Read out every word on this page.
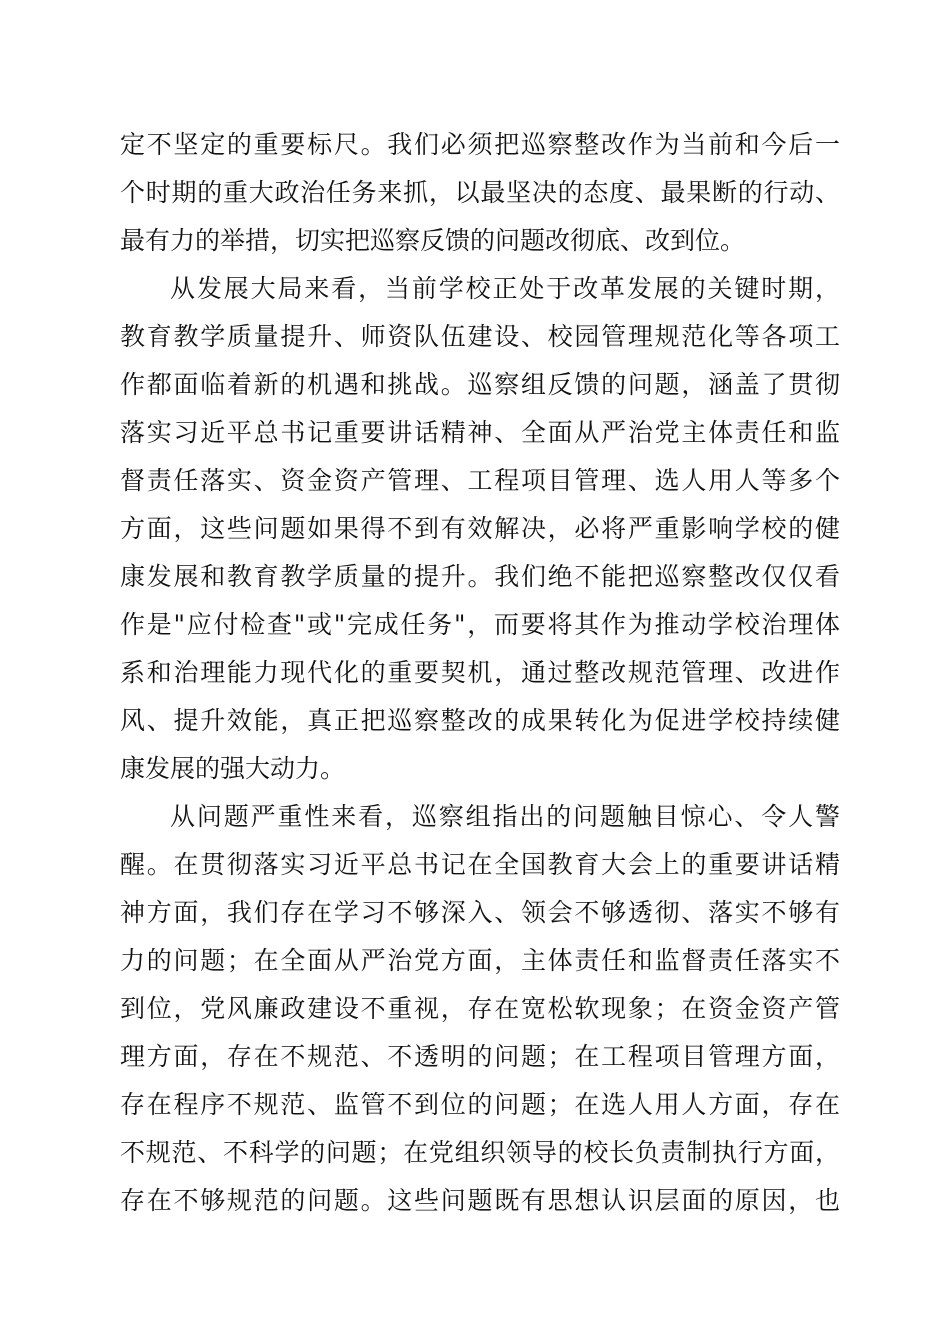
定不坚定的重要标尺。我们必须把巡察整改作为当前和今后一
个时期的重大政治任务来抓，以最坚决的态度、最果断的行动、
最有力的举措，切实把巡察反馈的问题改彻底、改到位。
从发展大局来看，当前学校正处于改革发展的关键时期，
教育教学质量提升、师资队伍建设、校园管理规范化等各项工
作都面临着新的机遇和挑战。巡察组反馈的问题，涵盖了贯彻
落实习近平总书记重要讲话精神、全面从严治党主体责任和监
督责任落实、资金资产管理、工程项目管理、选人用人等多个
方面，这些问题如果得不到有效解决，必将严重影响学校的健
康发展和教育教学质量的提升。我们绝不能把巡察整改仅仅看
作是"应付检查"或"完成任务"，而要将其作为推动学校治理体
系和治理能力现代化的重要契机，通过整改规范管理、改进作
风、提升效能，真正把巡察整改的成果转化为促进学校持续健
康发展的强大动力。
从问题严重性来看，巡察组指出的问题触目惊心、令人警
醒。在贯彻落实习近平总书记在全国教育大会上的重要讲话精
神方面，我们存在学习不够深入、领会不够透彻、落实不够有
力的问题；在全面从严治党方面，主体责任和监督责任落实不
到位，党风廉政建设不重视，存在宽松软现象；在资金资产管
理方面，存在不规范、不透明的问题；在工程项目管理方面，
存在程序不规范、监管不到位的问题；在选人用人方面，存在
不规范、不科学的问题；在党组织领导的校长负责制执行方面，
存在不够规范的问题。这些问题既有思想认识层面的原因，也
